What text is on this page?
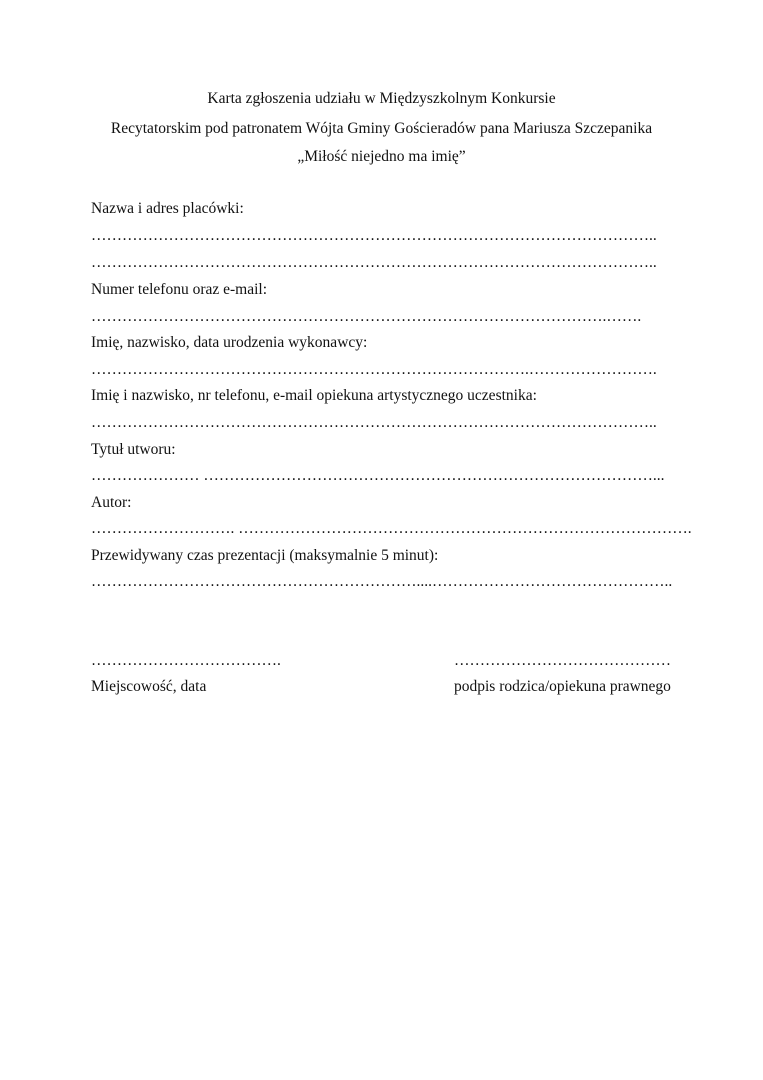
Karta zgłoszenia udziału w Międzyszkolnym Konkursie
Recytatorskim pod patronatem Wójta Gminy Gościeradów pana Mariusza Szczepanika
„Miłość niejedno ma imię”
Nazwa i adres placówki:
………………………………………………………………………………………………..
………………………………………………………………………………………………..
Numer telefonu oraz e-mail:
……………………………………………………………………………………….…….
Imię, nazwisko, data urodzenia wykonawcy:
………………………………………………………………………….…………………….
Imię i nazwisko, nr telefonu, e-mail opiekuna artystycznego uczestnika:
………………………………………………………………………………………………..
Tytuł utworu:
………………… ……………………………………………………………………………...
Autor:
………………………. …………………………………………………………………………….
Przewidywany czas prezentacji (maksymalnie 5 minut):
………………………………………………………....………………………………………..
……………………………….	……………………………………
Miejscowość, data	podpis rodzica/opiekuna prawnego
